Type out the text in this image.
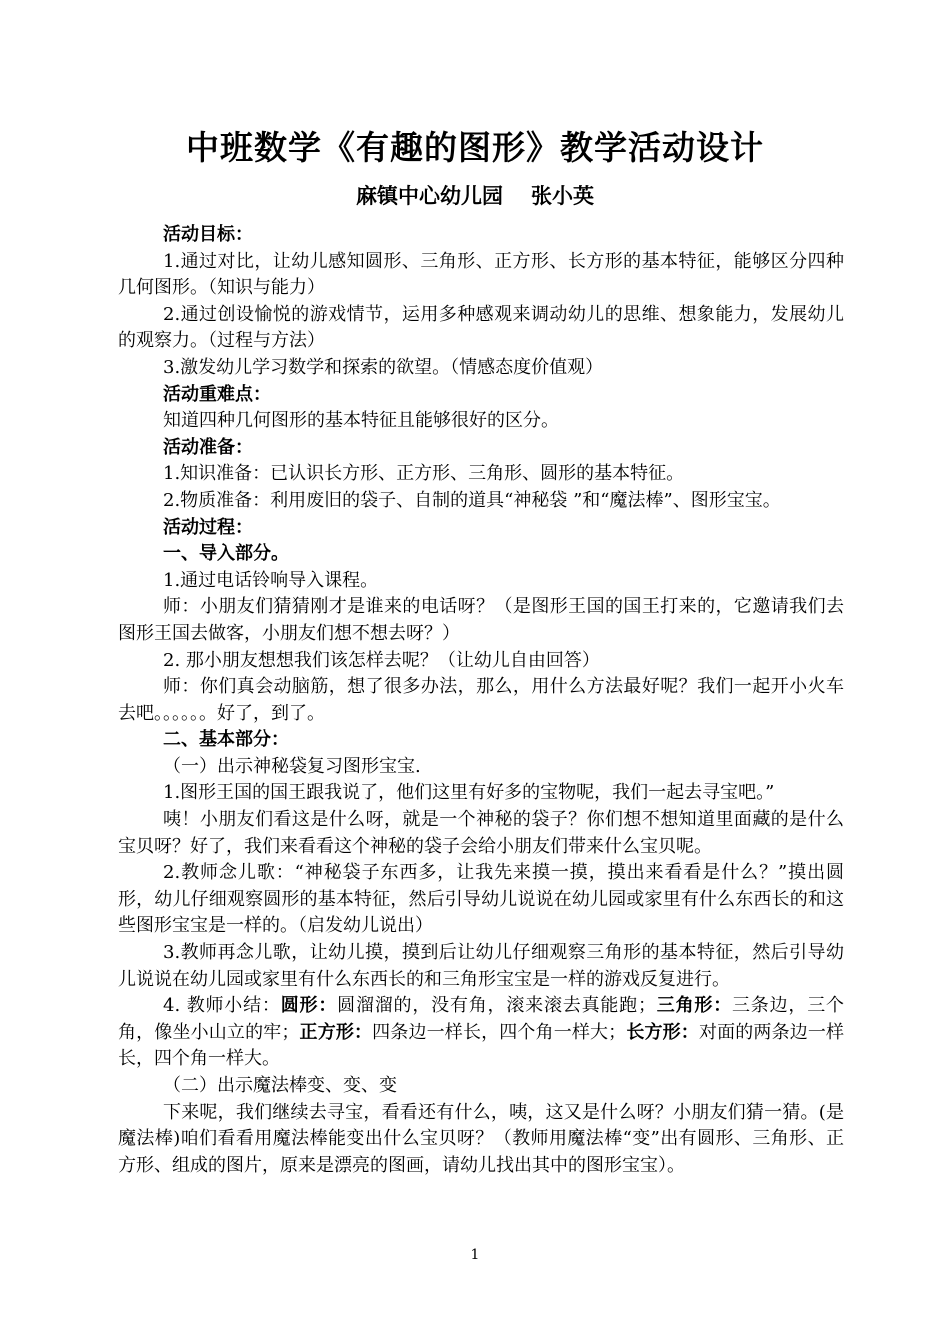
中班数学《有趣的图形》教学活动设计
麻镇中心幼儿园 张小英

活动目标：

1.通过对比，让幼儿感知圆形、三角形、正方形、长方形的基本特征，能够区分四种几何图形。（知识与能力）

2.通过创设愉悦的游戏情节，运用多种感观来调动幼儿的思维、想象能力，发展幼儿的观察力。（过程与方法）

3.激发幼儿学习数学和探索的欲望。（情感态度价值观）

活动重难点：

知道四种几何图形的基本特征且能够很好的区分。

活动准备：

1.知识准备：已认识长方形、正方形、三角形、圆形的基本特征。

2.物质准备：利用废旧的袋子、自制的道具“神秘袋 ”和“魔法棒”、图形宝宝。

活动过程：

一、导入部分。

1.通过电话铃响导入课程。

师：小朋友们猜猜刚才是谁来的电话呀？（是图形王国的国王打来的，它邀请我们去图形王国去做客，小朋友们想不想去呀？）

2. 那小朋友想想我们该怎样去呢？（让幼儿自由回答）

师：你们真会动脑筋，想了很多办法，那么，用什么方法最好呢？我们一起开小火车去吧。。。。。。好了，到了。

二、基本部分：

（一）出示神秘袋复习图形宝宝.

1.图形王国的国王跟我说了，他们这里有好多的宝物呢，我们一起去寻宝吧。”

咦！小朋友们看这是什么呀，就是一个神秘的袋子？你们想不想知道里面藏的是什么宝贝呀？好了，我们来看看这个神秘的袋子会给小朋友们带来什么宝贝呢。

2.教师念儿歌：“神秘袋子东西多，让我先来摸一摸，摸出来看看是什么？”摸出圆形，幼儿仔细观察圆形的基本特征，然后引导幼儿说说在幼儿园或家里有什么东西长的和这些图形宝宝是一样的。（启发幼儿说出）

3.教师再念儿歌，让幼儿摸，摸到后让幼儿仔细观察三角形的基本特征，然后引导幼儿说说在幼儿园或家里有什么东西长的和三角形宝宝是一样的游戏反复进行。

4. 教师小结：圆形：圆溜溜的，没有角，滚来滚去真能跑；三角形：三条边，三个角，像坐小山立的牢；正方形：四条边一样长，四个角一样大；长方形：对面的两条边一样长，四个角一样大。

（二）出示魔法棒变、变、变

下来呢，我们继续去寻宝，看看还有什么，咦，这又是什么呀？小朋友们猜一猜。(是魔法棒)咱们看看用魔法棒能变出什么宝贝呀？（教师用魔法棒“变”出有圆形、三角形、正方形、组成的图片，原来是漂亮的图画，请幼儿找出其中的图形宝宝）。

1
